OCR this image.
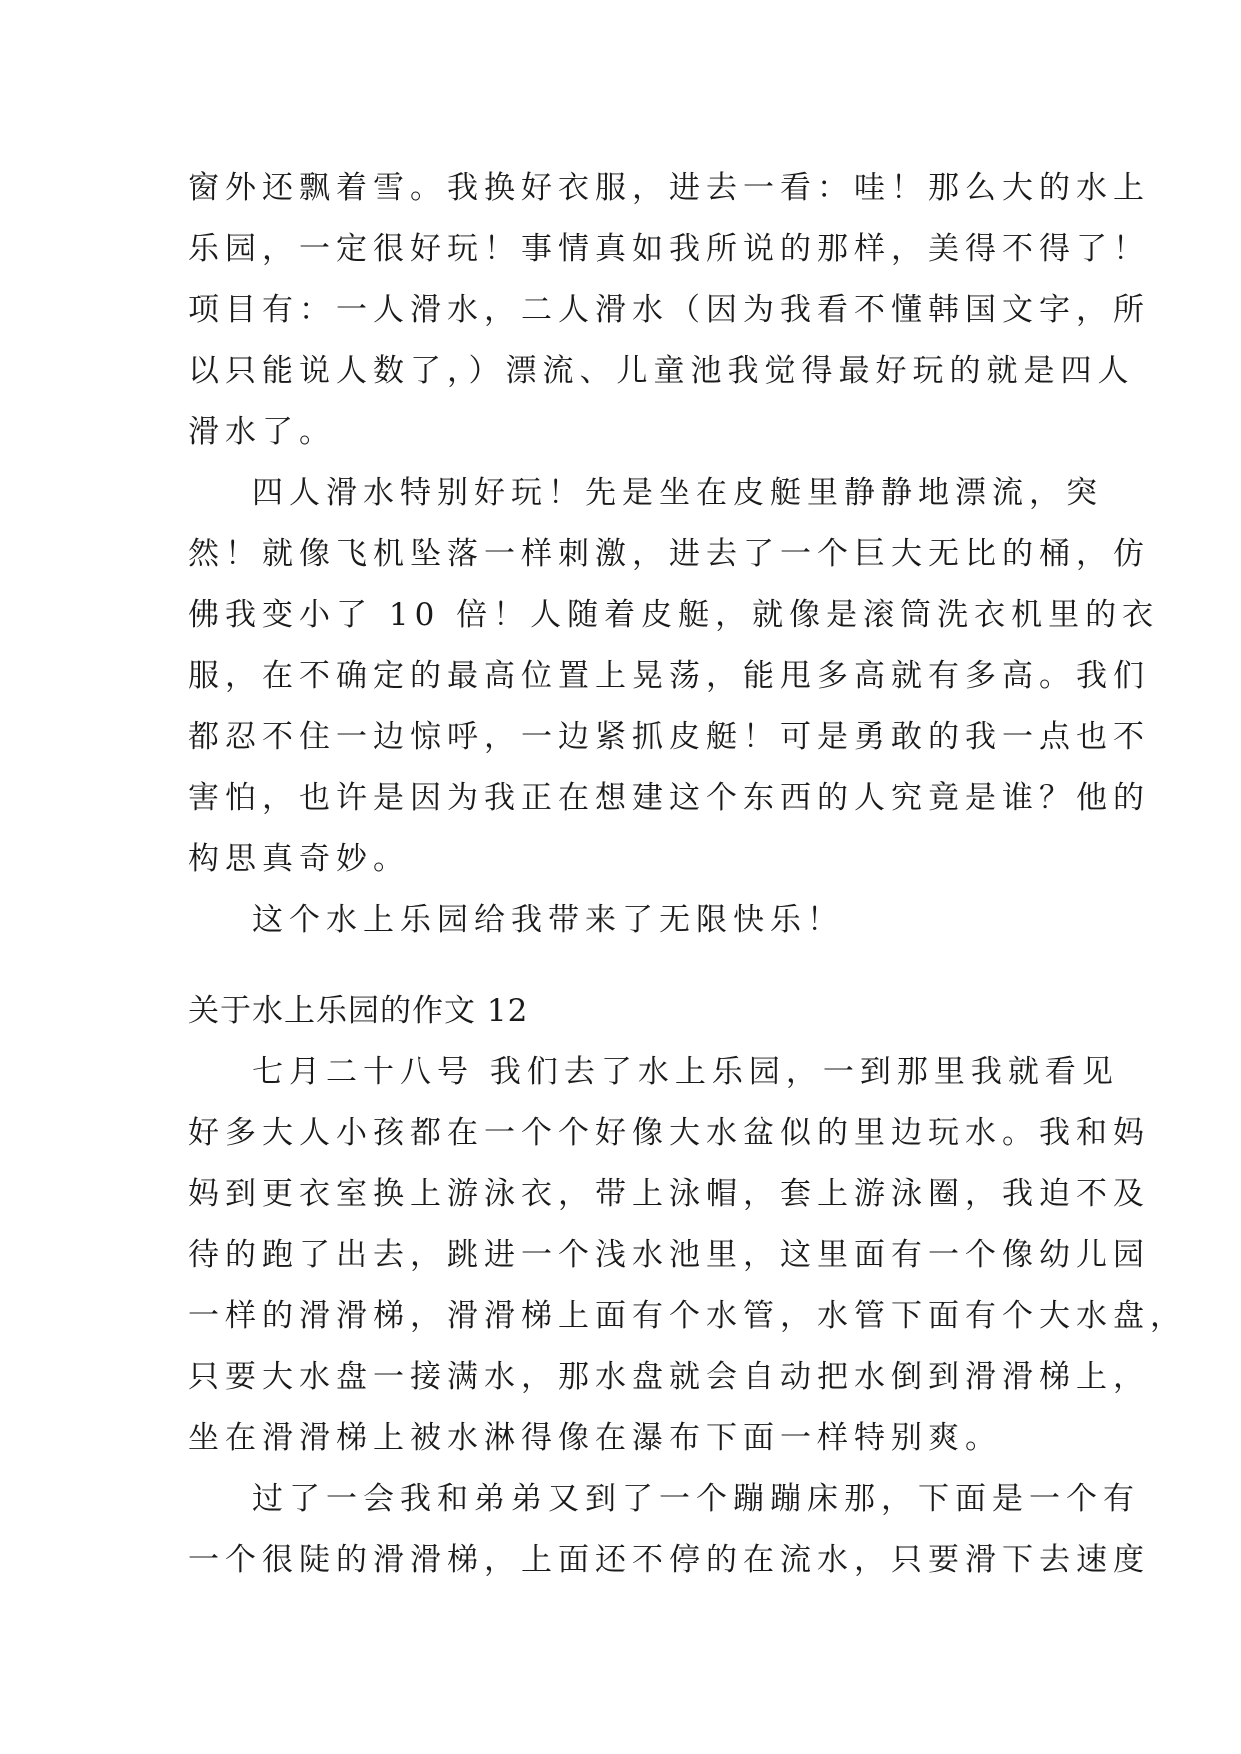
窗外还飘着雪。我换好衣服，进去一看：哇！那么大的水上
乐园，一定很好玩！事情真如我所说的那样，美得不得了！
项目有：一人滑水，二人滑水（因为我看不懂韩国文字，所
以只能说人数了，）漂流、儿童池我觉得最好玩的就是四人
滑水了。
四人滑水特别好玩！先是坐在皮艇里静静地漂流，突
然！就像飞机坠落一样刺激，进去了一个巨大无比的桶，仿
佛我变小了 10 倍！人随着皮艇，就像是滚筒洗衣机里的衣
服，在不确定的最高位置上晃荡，能甩多高就有多高。我们
都忍不住一边惊呼，一边紧抓皮艇！可是勇敢的我一点也不
害怕，也许是因为我正在想建这个东西的人究竟是谁？他的
构思真奇妙。
这个水上乐园给我带来了无限快乐！
关于水上乐园的作文 12
七月二十八号 我们去了水上乐园，一到那里我就看见
好多大人小孩都在一个个好像大水盆似的里边玩水。我和妈
妈到更衣室换上游泳衣，带上泳帽，套上游泳圈，我迫不及
待的跑了出去，跳进一个浅水池里，这里面有一个像幼儿园
一样的滑滑梯，滑滑梯上面有个水管，水管下面有个大水盘，
只要大水盘一接满水，那水盘就会自动把水倒到滑滑梯上，
坐在滑滑梯上被水淋得像在瀑布下面一样特别爽。
过了一会我和弟弟又到了一个蹦蹦床那，下面是一个有
一个很陡的滑滑梯，上面还不停的在流水，只要滑下去速度
